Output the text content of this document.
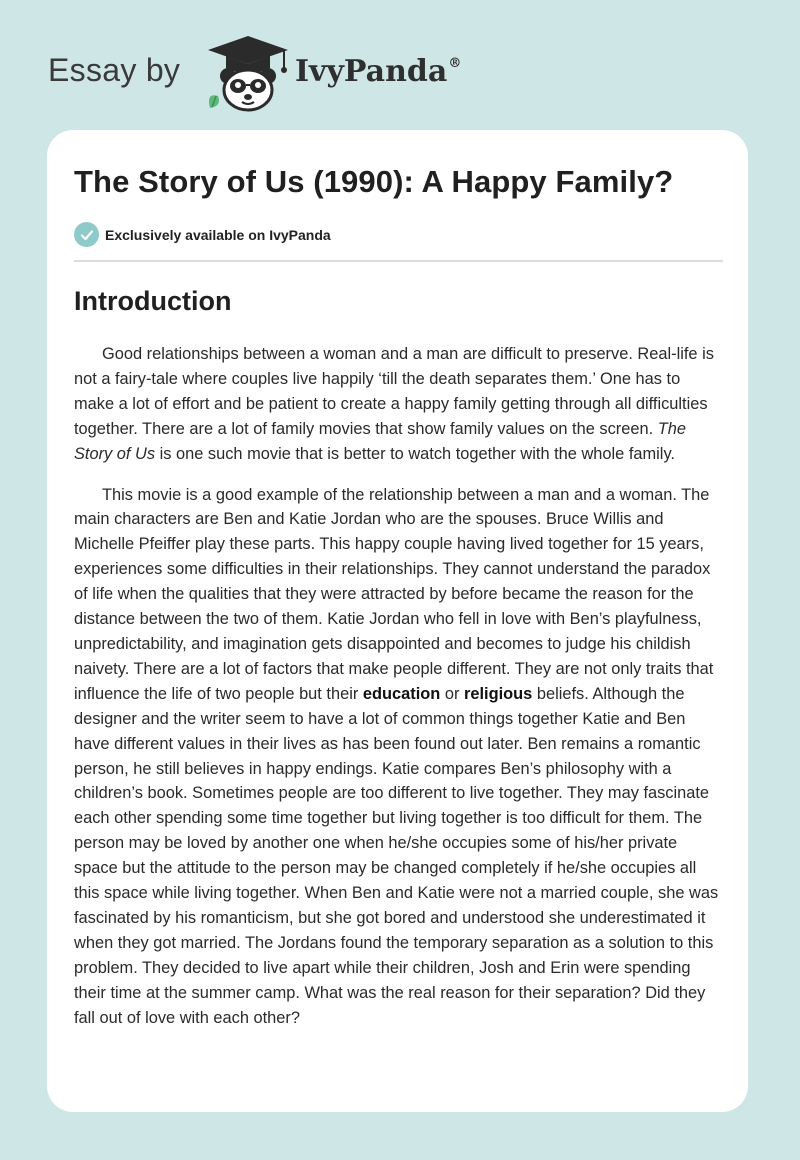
Essay by	IvyPanda®
The Story of Us (1990): A Happy Family?
Exclusively available on IvyPanda
Introduction

Good relationships between a woman and a man are difficult to preserve. Real-life is not a fairy-tale where couples live happily ‘till the death separates them.’ One has to make a lot of effort and be patient to create a happy family getting through all difficulties together. There are a lot of family movies that show family values on the screen. The Story of Us is one such movie that is better to watch together with the whole family.

This movie is a good example of the relationship between a man and a woman. The main characters are Ben and Katie Jordan who are the spouses. Bruce Willis and Michelle Pfeiffer play these parts. This happy couple having lived together for 15 years, experiences some difficulties in their relationships. They cannot understand the paradox of life when the qualities that they were attracted by before became the reason for the distance between the two of them. Katie Jordan who fell in love with Ben’s playfulness, unpredictability, and imagination gets disappointed and becomes to judge his childish naivety. There are a lot of factors that make people different. They are not only traits that influence the life of two people but their education or religious beliefs. Although the designer and the writer seem to have a lot of common things together Katie and Ben have different values in their lives as has been found out later. Ben remains a romantic person, he still believes in happy endings. Katie compares Ben’s philosophy with a children’s book. Sometimes people are too different to live together. They may fascinate each other spending some time together but living together is too difficult for them. The person may be loved by another one when he/she occupies some of his/her private space but the attitude to the person may be changed completely if he/she occupies all this space while living together. When Ben and Katie were not a married couple, she was fascinated by his romanticism, but she got bored and understood she underestimated it when they got married. The Jordans found the temporary separation as a solution to this problem. They decided to live apart while their children, Josh and Erin were spending their time at the summer camp. What was the real reason for their separation? Did they fall out of love with each other?
